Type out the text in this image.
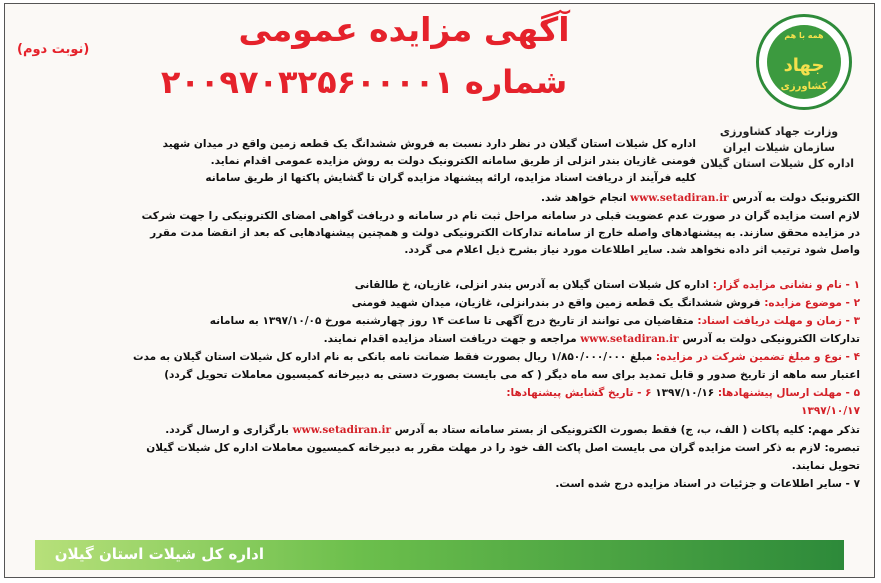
همه با هم
جهاد
کشاورزی
وزارت جهاد کشاورزی
سازمان شیلات ایران
اداره کل شیلات استان گیلان
آگهی مزایده عمومی
شماره ۲۰۰۹۷۰۳۲۵۶۰۰۰۰۱
(نوبت دوم)
اداره کل شیلات استان گیلان در نظر دارد نسبت به فروش ششدانگ یک قطعه زمین واقع در میدان شهید
فومنی غازیان بندر انزلی از طریق سامانه الکترونیک دولت به روش مزایده عمومی اقدام نماید.
کلیه فرآیند از دریافت اسناد مزایده، ارائه پیشنهاد مزایده گران تا گشایش پاکتها از طریق سامانه
الکترونیک دولت به آدرس www.setadiran.ir انجام خواهد شد.
لازم است مزایده گران در صورت عدم عضویت قبلی در سامانه مراحل ثبت نام در سامانه و دریافت گواهی امضای الکترونیکی را جهت شرکت
در مزایده محقق سازند. به پیشنهادهای واصله خارج از سامانه تدارکات الکترونیکی دولت و همچنین پیشنهادهایی که بعد از انقضا مدت مقرر
واصل شود ترتیب اثر داده نخواهد شد. سایر اطلاعات مورد نیاز بشرح ذیل اعلام می گردد.
۱ - نام و نشانی مزایده گزار: اداره کل شیلات استان گیلان به آدرس بندر انزلی، غازیان، خ طالقانی
۲ - موضوع مزایده: فروش ششدانگ یک قطعه زمین واقع در بندرانزلی، غازیان، میدان شهید فومنی
۳ - زمان و مهلت دریافت اسناد: متقاضیان می توانند از تاریخ درج آگهی تا ساعت ۱۴ روز چهارشنبه مورخ ۱۳۹۷/۱۰/۰۵ به سامانه
تدارکات الکترونیکی دولت به آدرس www.setadiran.ir مراجعه و جهت دریافت اسناد مزایده اقدام نمایند.
۴ - نوع و مبلغ تضمین شرکت در مزایده: مبلغ ۱/۸۵۰/۰۰۰/۰۰۰ ریال بصورت فقط ضمانت نامه بانکی به نام اداره کل شیلات استان گیلان به مدت
اعتبار سه ماهه از تاریخ صدور و قابل تمدید برای سه ماه دیگر ( که می بایست بصورت دستی به دبیرخانه کمیسیون معاملات تحویل گردد)
۵ - مهلت ارسال پیشنهادها: ۱۳۹۷/۱۰/۱۶ ۶ - تاریخ گشایش پیشنهادها:
۱۳۹۷/۱۰/۱۷
تذکر مهم: کلیه پاکات ( الف، ب، ج) فقط بصورت الکترونیکی از بستر سامانه ستاد به آدرس www.setadiran.ir بارگزاری و ارسال گردد.
تبصره: لازم به ذکر است مزایده گران می بایست اصل پاکت الف خود را در مهلت مقرر به دبیرخانه کمیسیون معاملات اداره کل شیلات گیلان
تحویل نمایند.
۷ - سایر اطلاعات و جزئیات در اسناد مزایده درج شده است.
اداره کل شیلات استان گیلان
